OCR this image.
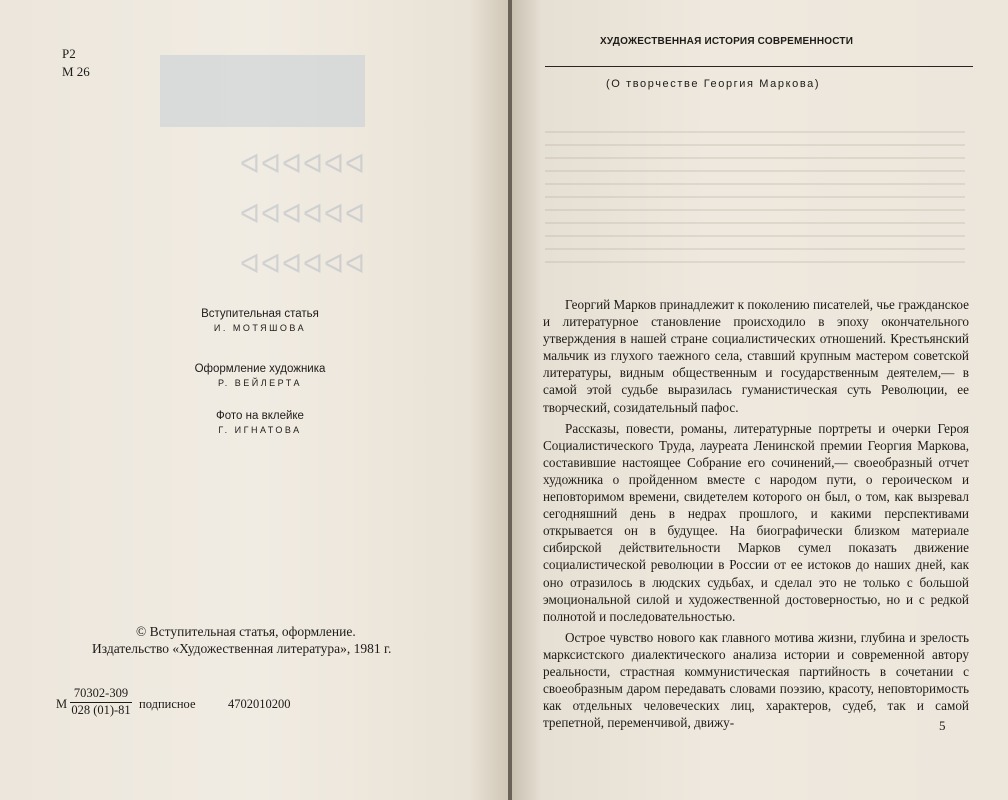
ᐅᐅᐅᐅᐅᐅ
ᐅᐅᐅᐅᐅᐅ
ᐅᐅᐅᐅᐅᐅ
Р2
М 26
Вступительная статья
И. МОТЯШОВА
Оформление художника
Р. ВЕЙЛЕРТА
Фото на вклейке
Г. ИГНАТОВА
© Вступительная статья, оформление.
Издательство «Художественная литература», 1981 г.
М $\frac{70302-309}{028 (01)-81}$ подписное	4702010200
ХУДОЖЕСТВЕННАЯ ИСТОРИЯ СОВРЕМЕННОСТИ
(О творчестве Георгия Маркова)

Георгий Марков принадлежит к поколению писателей, чье гражданское и литературное становление происходило в эпоху окончательного утверждения в нашей стране социалистических отношений. Крестьянский мальчик из глухого таежного села, ставший крупным мастером советской литературы, видным общественным и государственным деятелем,— в самой этой судьбе выразилась гуманистическая суть Революции, ее творческий, созидательный пафос.

Рассказы, повести, романы, литературные портреты и очерки Героя Социалистического Труда, лауреата Ленинской премии Георгия Маркова, составившие настоящее Собрание его сочинений,— своеобразный отчет художника о пройденном вместе с народом пути, о героическом и неповторимом времени, свидетелем которого он был, о том, как вызревал сегодняшний день в недрах прошлого, и какими перспективами открывается он в будущее. На биографически близком материале сибирской действительности Марков сумел показать движение социалистической революции в России от ее истоков до наших дней, как оно отразилось в людских судьбах, и сделал это не только с большой эмоциональной силой и художественной достоверностью, но и с редкой полнотой и последовательностью.

Острое чувство нового как главного мотива жизни, глубина и зрелость марксистского диалектического анализа истории и современной автору реальности, страстная коммунистическая партийность в сочетании с своеобразным даром передавать словами поэзию, красоту, неповторимость как отдельных человеческих лиц, характеров, судеб, так и самой трепетной, переменчивой, движу-	5
